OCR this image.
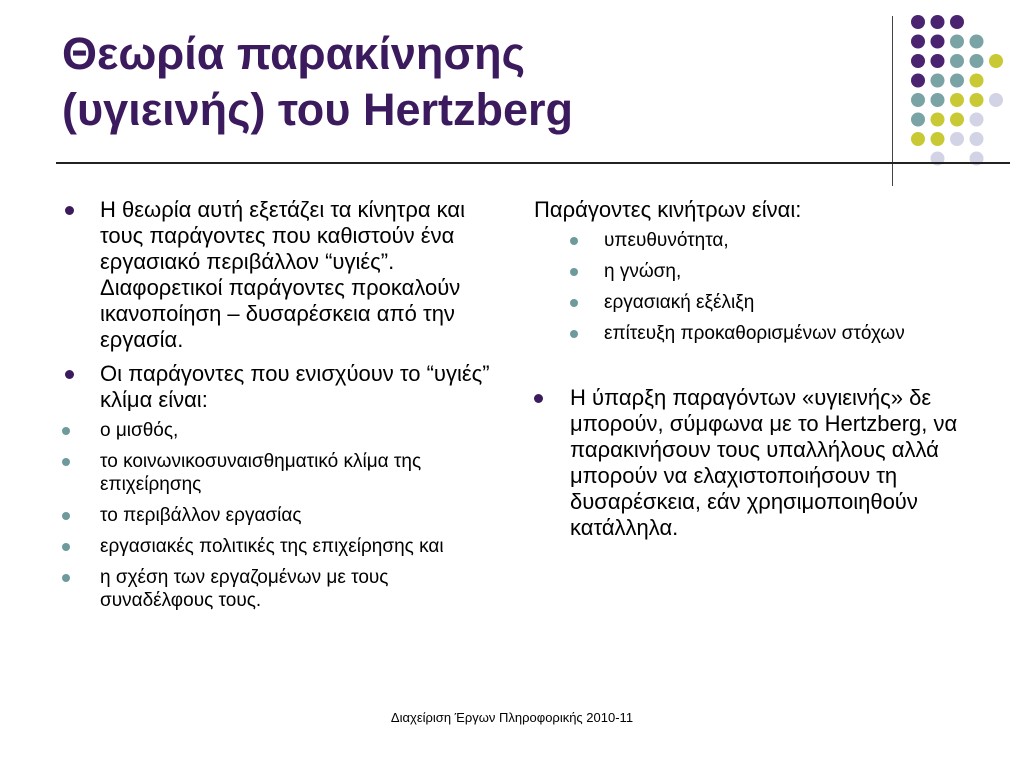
Θεωρία παρακίνησης
(υγιεινής) του Hertzberg
Η θεωρία αυτή εξετάζει τα κίνητρα και τους παράγοντες που καθιστούν ένα εργασιακό περιβάλλον “υγιές”. Διαφορετικοί παράγοντες προκαλούν ικανοποίηση – δυσαρέσκεια από την εργασία.
Οι παράγοντες που ενισχύουν το “υγιές” κλίμα είναι:
ο μισθός,
το κοινωνικοσυναισθηματικό κλίμα της επιχείρησης
το περιβάλλον εργασίας
εργασιακές πολιτικές της επιχείρησης και
η σχέση των εργαζομένων με τους συναδέλφους τους.
Παράγοντες κινήτρων είναι:
υπευθυνότητα,
η γνώση,
εργασιακή εξέλιξη
επίτευξη προκαθορισμένων στόχων
Η ύπαρξη παραγόντων «υγιεινής» δε μπορούν, σύμφωνα με το Hertzberg, να παρακινήσουν τους υπαλλήλους αλλά μπορούν να ελαχιστοποιήσουν τη δυσαρέσκεια, εάν χρησιμοποιηθούν κατάλληλα.
Διαχείριση Έργων Πληροφορικής 2010-11
